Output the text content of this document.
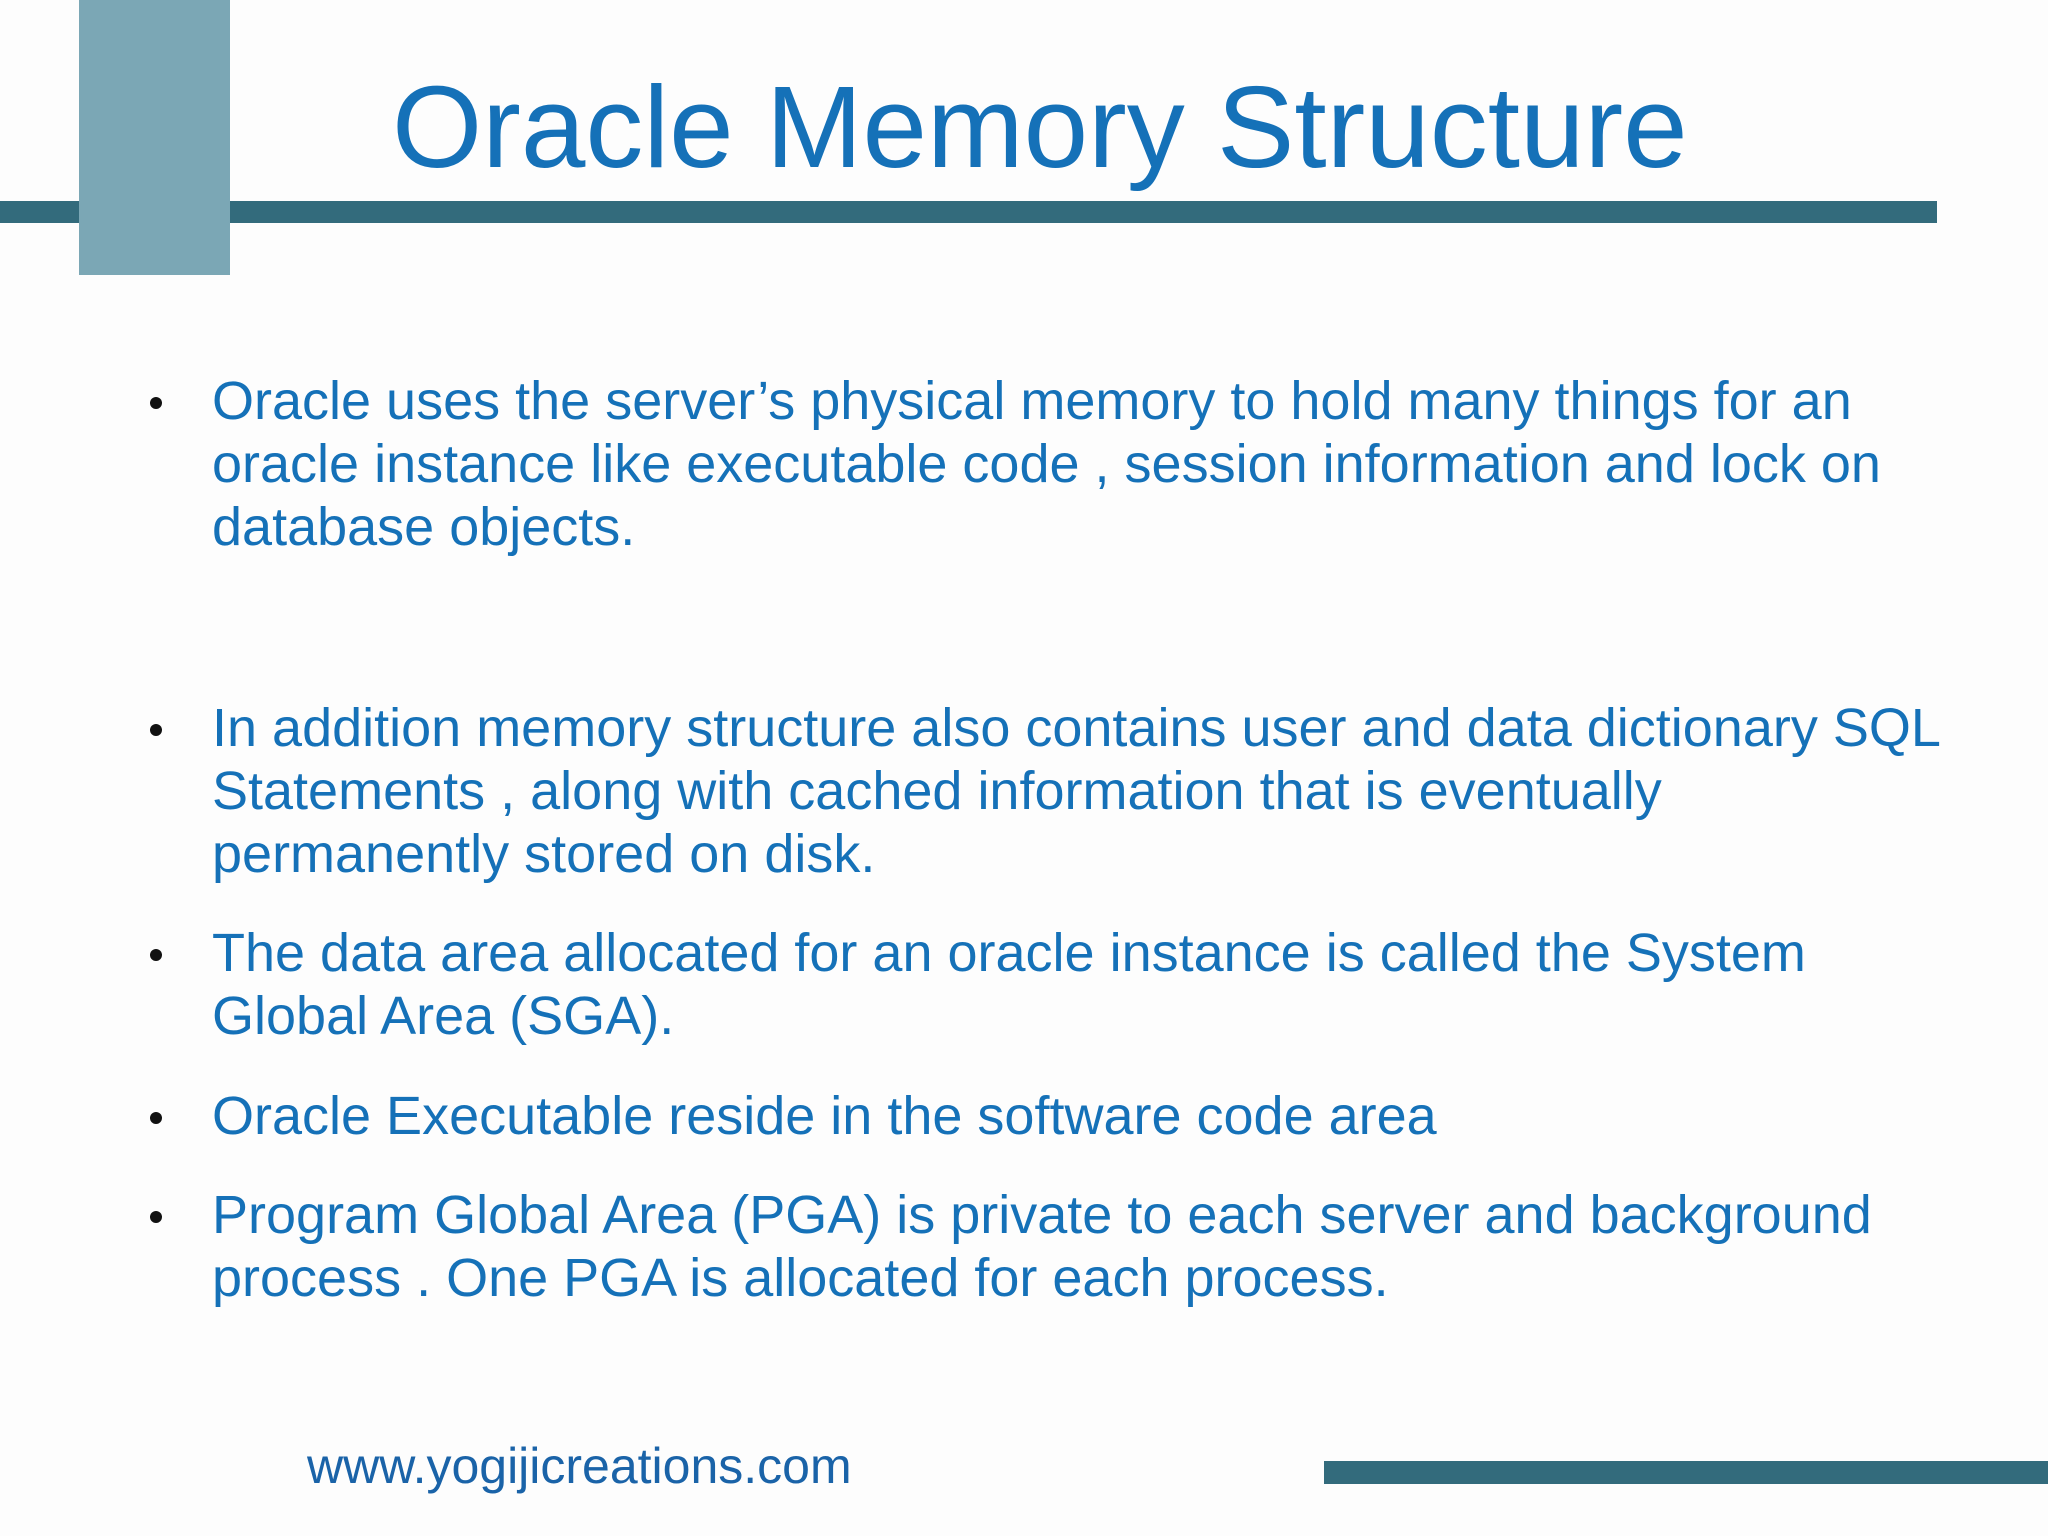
Oracle Memory Structure
Oracle uses the server’s physical memory to hold many things for an oracle instance like executable code , session information and lock on database objects.
In addition memory structure also contains user and data dictionary SQL Statements , along with cached information that is eventually permanently stored on disk.
The data area allocated for an oracle instance is called the System Global Area (SGA).
Oracle Executable reside in the software code area
Program Global Area (PGA) is private to each server and background process . One PGA is allocated for each process.
www.yogijicreations.com
